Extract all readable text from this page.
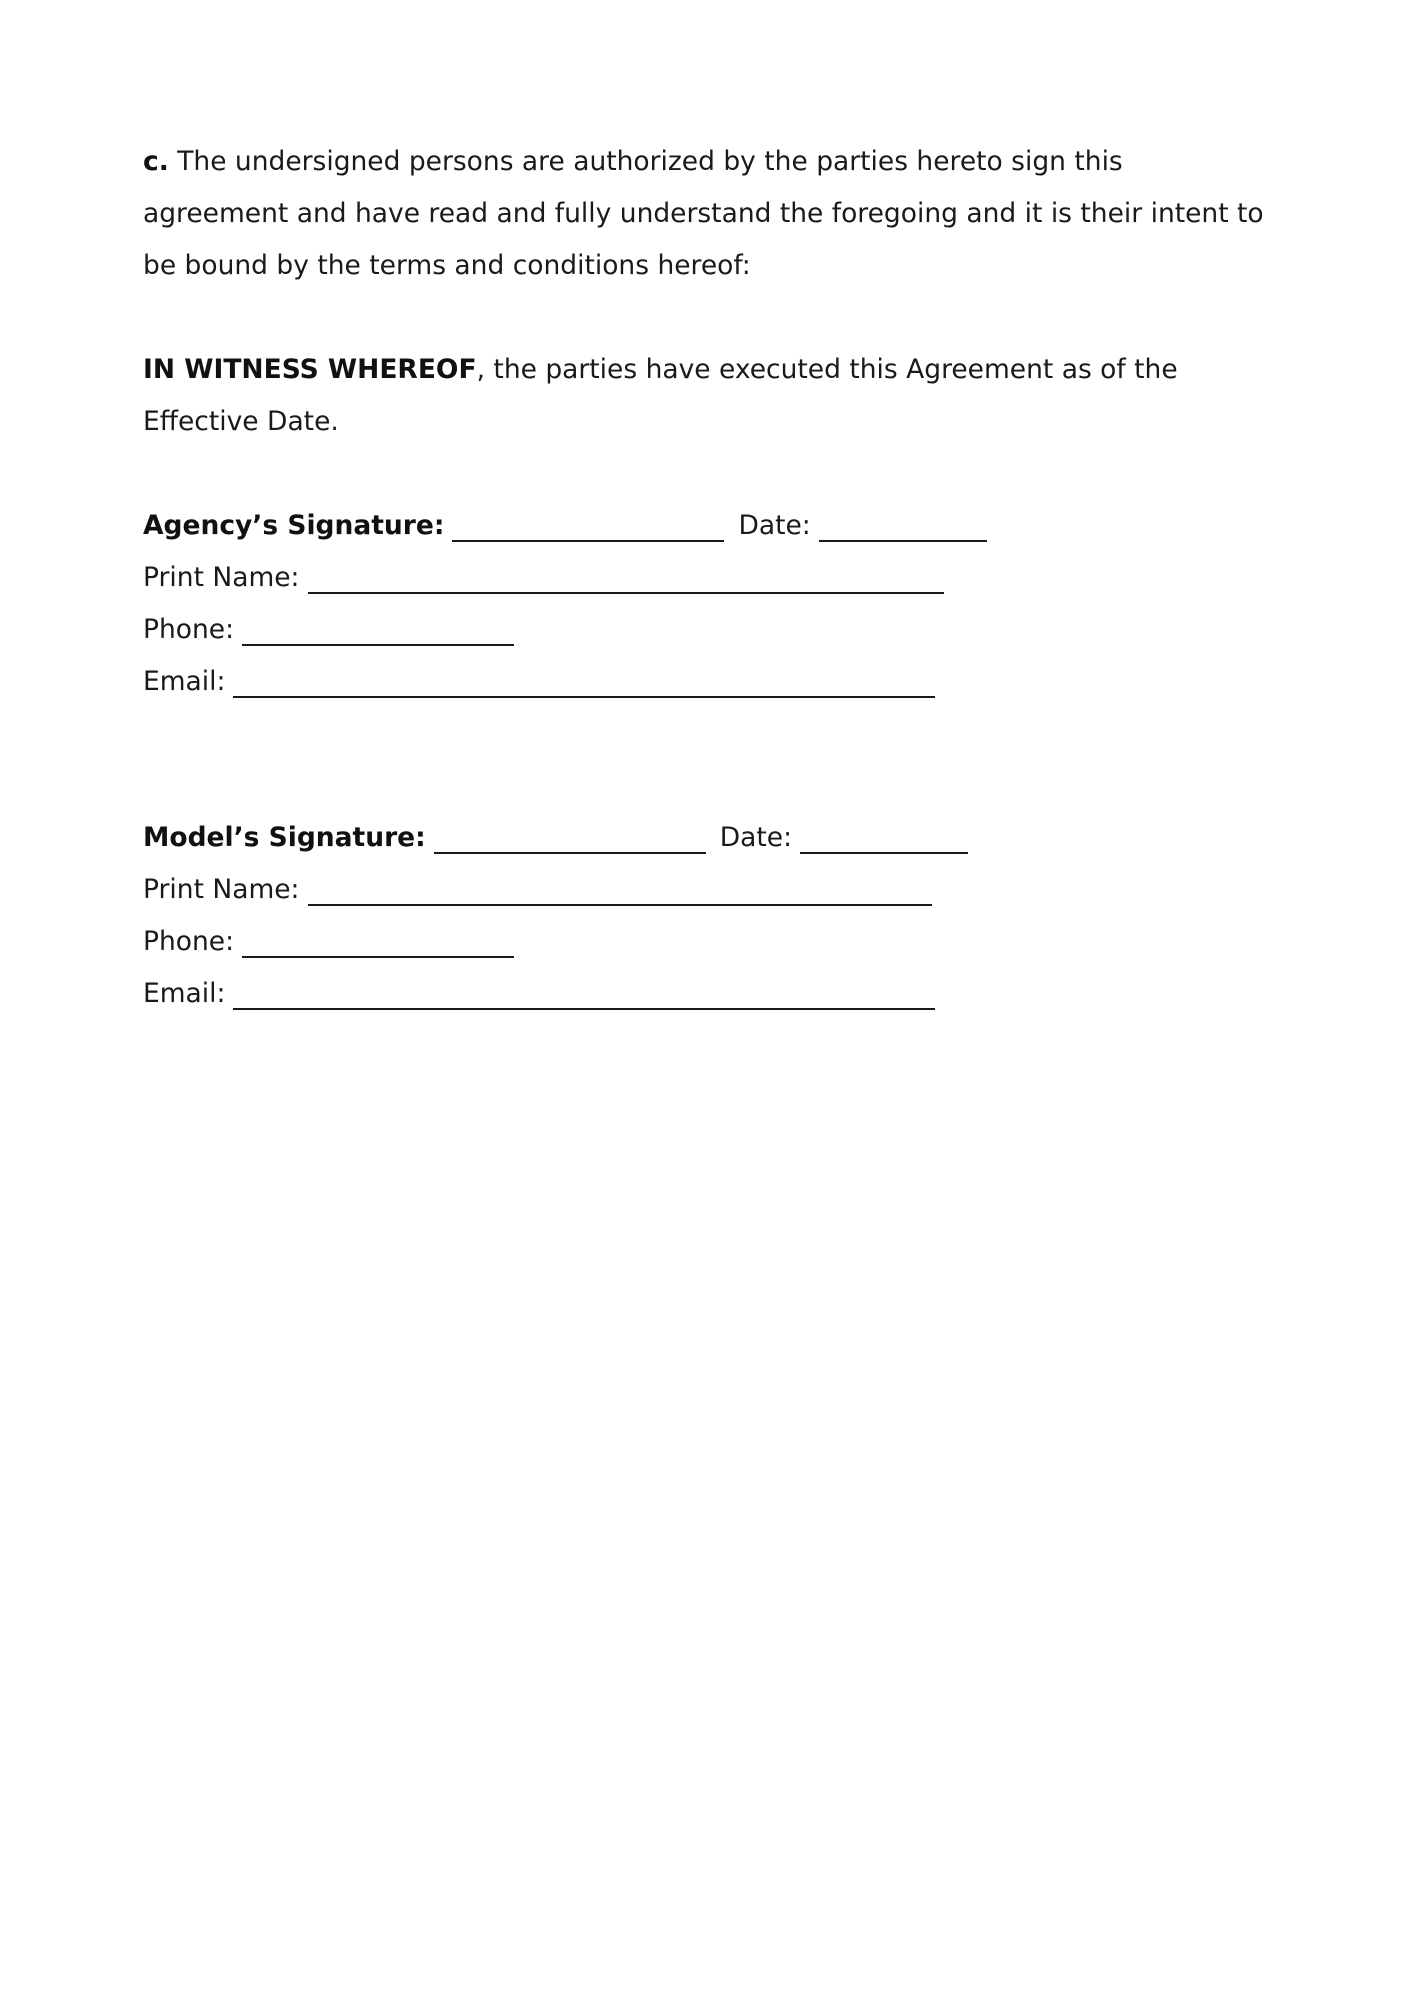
c. The undersigned persons are authorized by the parties hereto sign this agreement and have read and fully understand the foregoing and it is their intent to be bound by the terms and conditions hereof:

IN WITNESS WHEREOF, the parties have executed this Agreement as of the Effective Date.

Agency’s Signature:	Date:
Print Name:
Phone:
Email:
Model’s Signature:	Date:
Print Name:
Phone:
Email:
